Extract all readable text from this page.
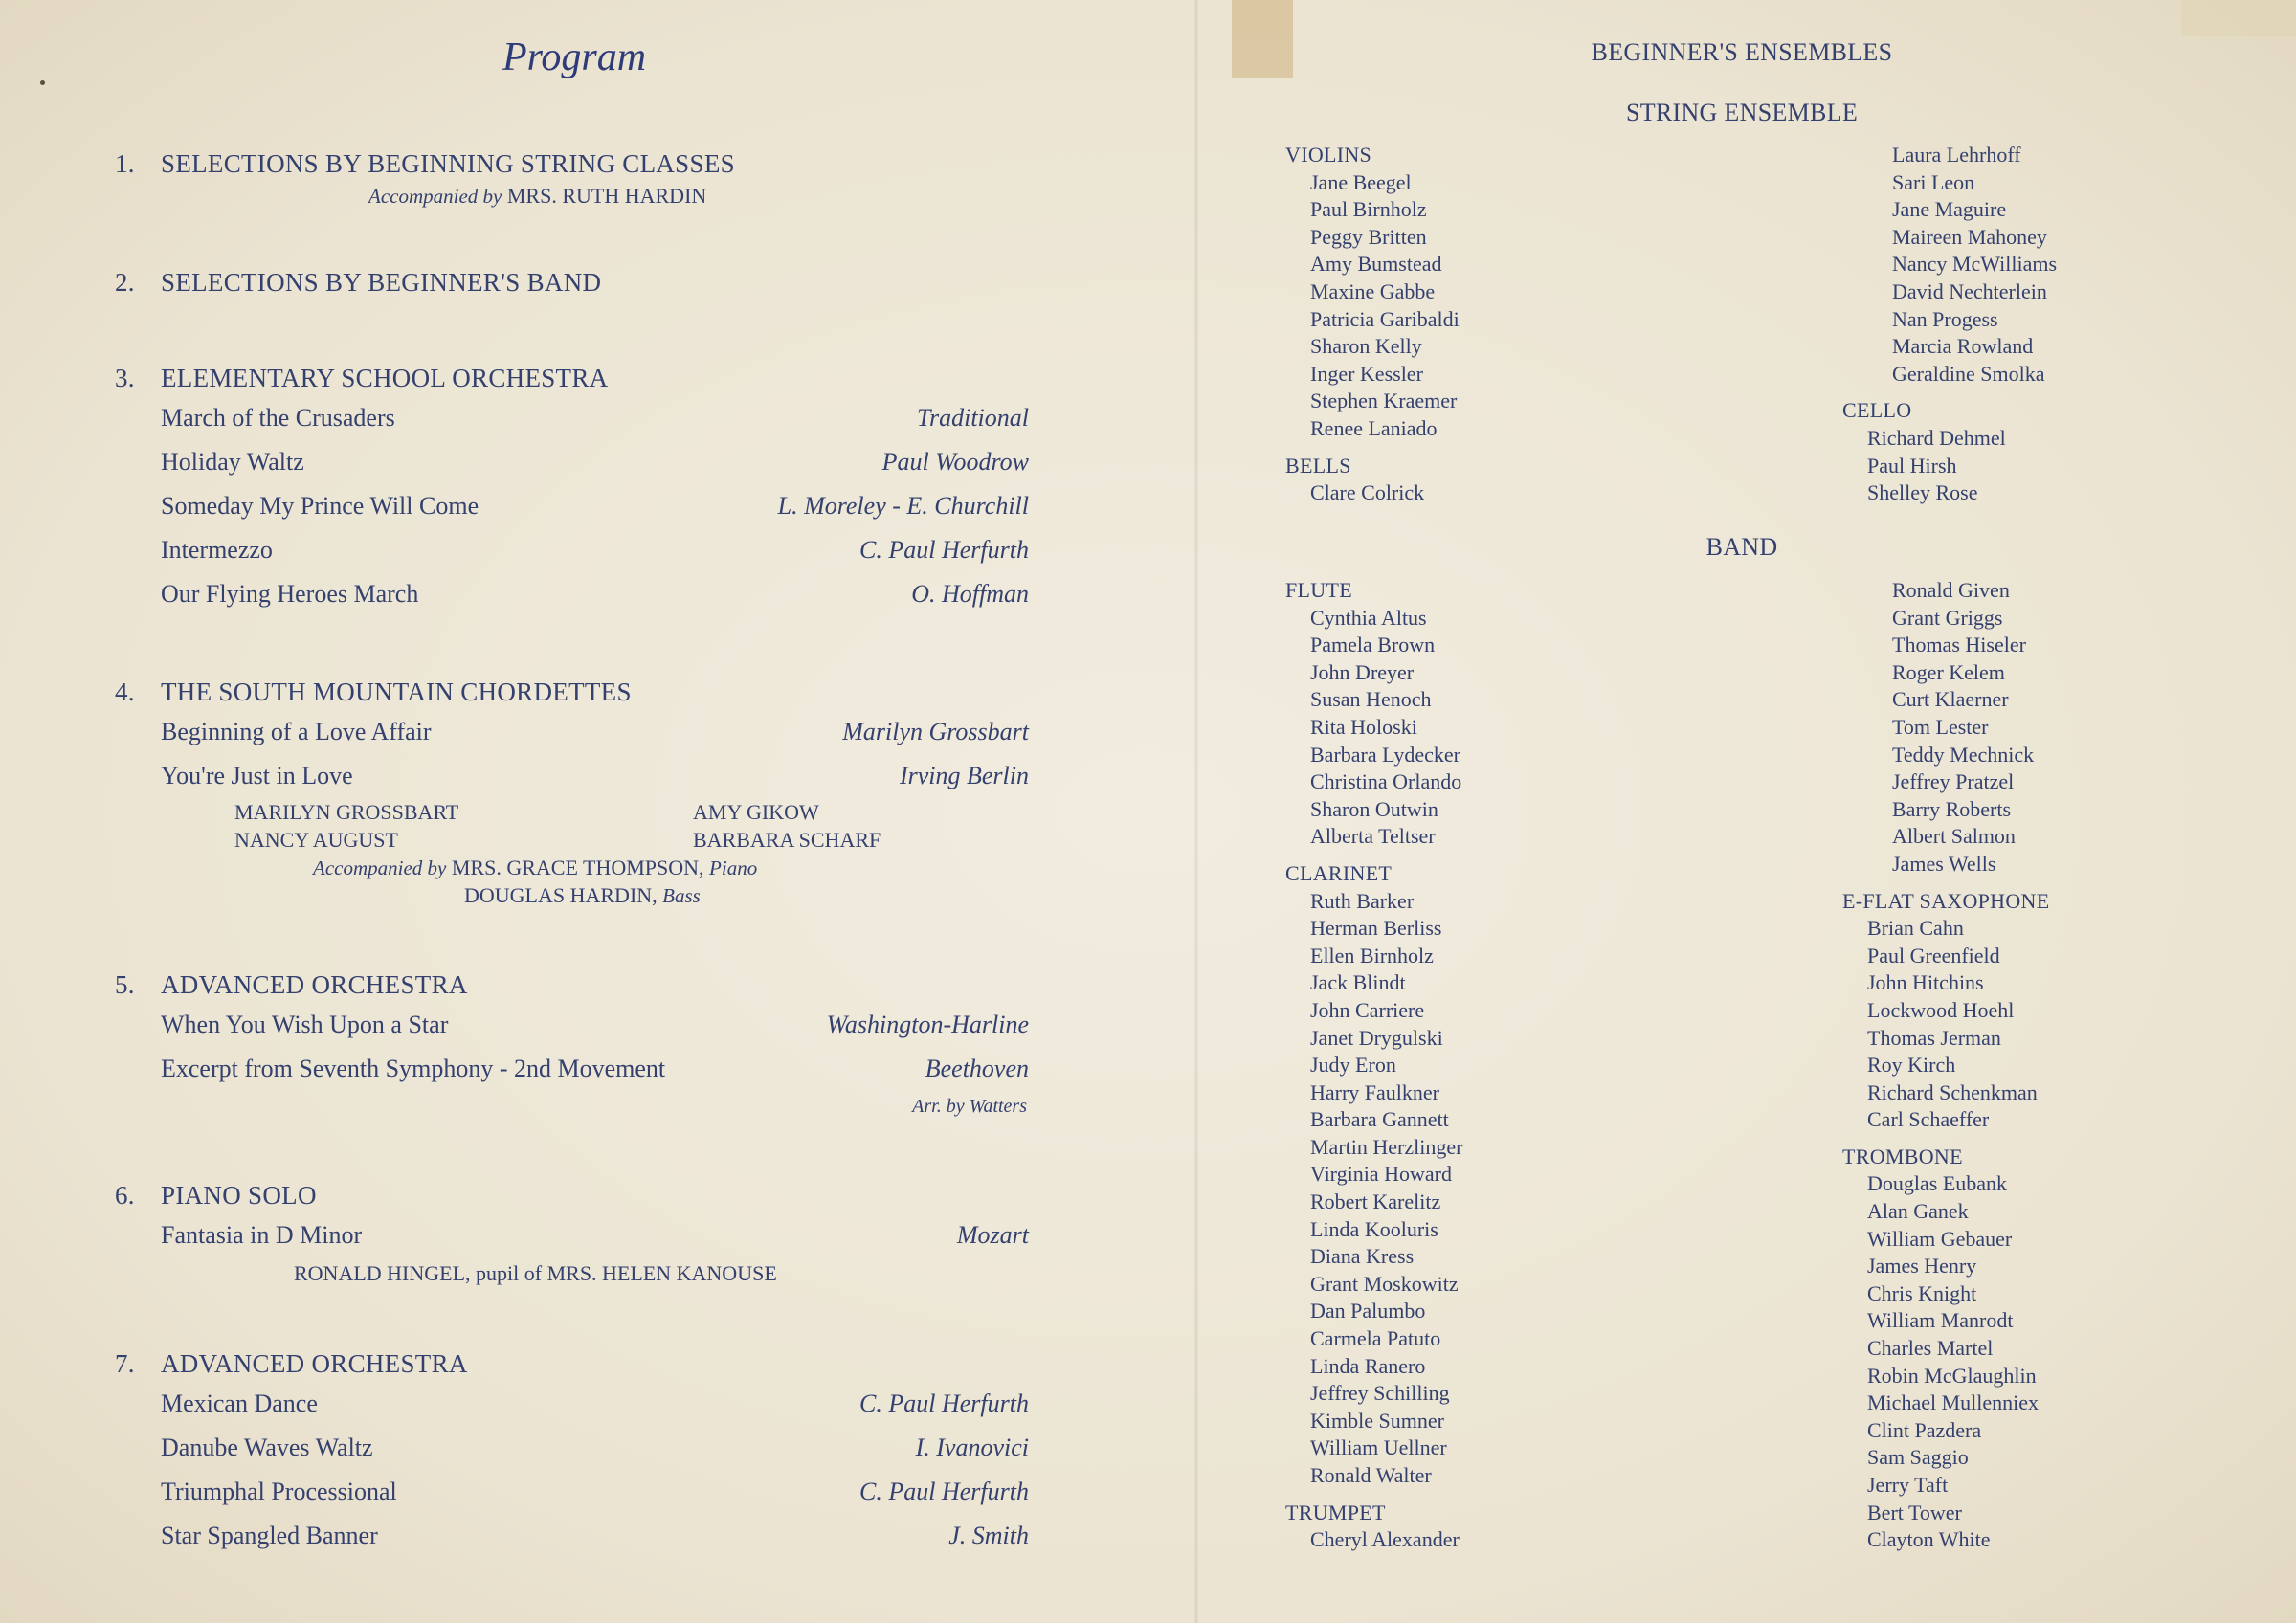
Program
1. SELECTIONS BY BEGINNING STRING CLASSES
Accompanied by MRS. RUTH HARDIN
2. SELECTIONS BY BEGINNER'S BAND
3. ELEMENTARY SCHOOL ORCHESTRA
March of the Crusaders	Traditional
Holiday Waltz	Paul Woodrow
Someday My Prince Will Come	L. Moreley - E. Churchill
Intermezzo	C. Paul Herfurth
Our Flying Heroes March	O. Hoffman
4. THE SOUTH MOUNTAIN CHORDETTES
Beginning of a Love Affair	Marilyn Grossbart
You're Just in Love	Irving Berlin
MARILYN GROSSBART	AMY GIKOW
NANCY AUGUST	BARBARA SCHARF
Accompanied by MRS. GRACE THOMPSON, Piano
DOUGLAS HARDIN, Bass
5. ADVANCED ORCHESTRA
When You Wish Upon a Star	Washington-Harline
Excerpt from Seventh Symphony - 2nd Movement	Beethoven
Arr. by Watters
6. PIANO SOLO
Fantasia in D Minor	Mozart
RONALD HINGEL, pupil of MRS. HELEN KANOUSE
7. ADVANCED ORCHESTRA
Mexican Dance	C. Paul Herfurth
Danube Waves Waltz	I. Ivanovici
Triumphal Processional	C. Paul Herfurth
Star Spangled Banner	J. Smith
BEGINNER'S ENSEMBLES
STRING ENSEMBLE
BAND
VIOLINS
Jane Beegel
Paul Birnholz
Peggy Britten
Amy Bumstead
Maxine Gabbe
Patricia Garibaldi
Sharon Kelly
Inger Kessler
Stephen Kraemer
Renee Laniado
BELLS
Clare Colrick
Laura Lehrhoff
Sari Leon
Jane Maguire
Maireen Mahoney
Nancy McWilliams
David Nechterlein
Nan Progess
Marcia Rowland
Geraldine Smolka
CELLO
Richard Dehmel
Paul Hirsh
Shelley Rose
FLUTE
Cynthia Altus
Pamela Brown
John Dreyer
Susan Henoch
Rita Holoski
Barbara Lydecker
Christina Orlando
Sharon Outwin
Alberta Teltser
CLARINET
Ruth Barker
Herman Berliss
Ellen Birnholz
Jack Blindt
John Carriere
Janet Drygulski
Judy Eron
Harry Faulkner
Barbara Gannett
Martin Herzlinger
Virginia Howard
Robert Karelitz
Linda Kooluris
Diana Kress
Grant Moskowitz
Dan Palumbo
Carmela Patuto
Linda Ranero
Jeffrey Schilling
Kimble Sumner
William Uellner
Ronald Walter
TRUMPET
Cheryl Alexander
Ronald Given
Grant Griggs
Thomas Hiseler
Roger Kelem
Curt Klaerner
Tom Lester
Teddy Mechnick
Jeffrey Pratzel
Barry Roberts
Albert Salmon
James Wells
E-FLAT SAXOPHONE
Brian Cahn
Paul Greenfield
John Hitchins
Lockwood Hoehl
Thomas Jerman
Roy Kirch
Richard Schenkman
Carl Schaeffer
TROMBONE
Douglas Eubank
Alan Ganek
William Gebauer
James Henry
Chris Knight
William Manrodt
Charles Martel
Robin McGlaughlin
Michael Mullenniex
Clint Pazdera
Sam Saggio
Jerry Taft
Bert Tower
Clayton White
